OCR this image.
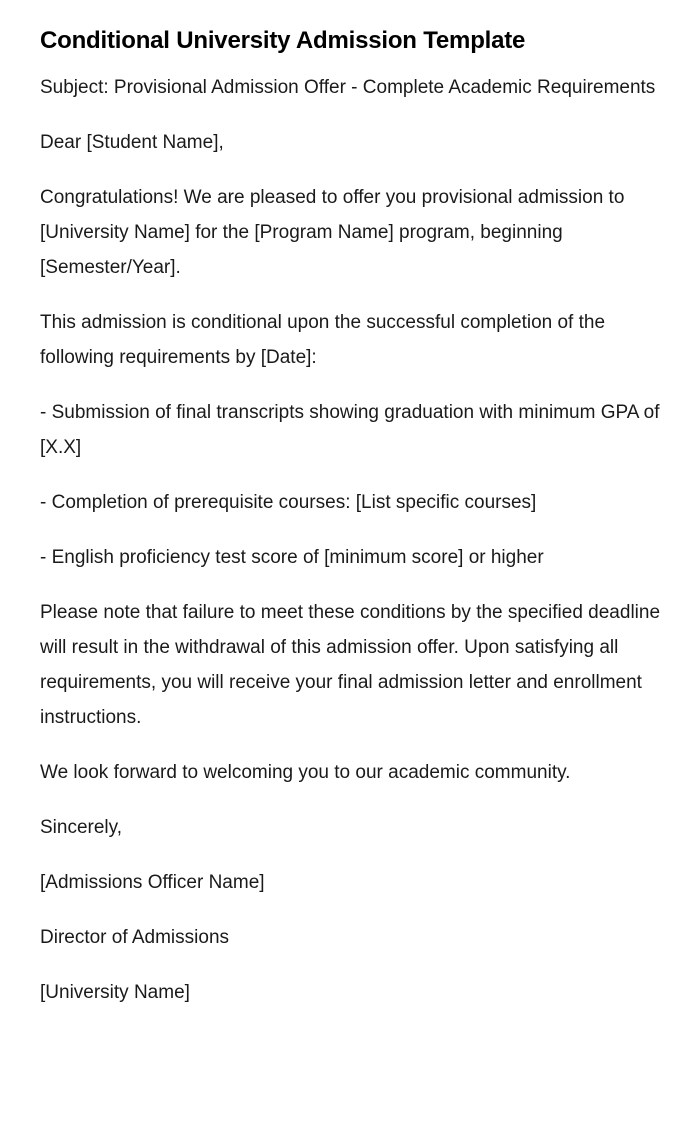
Conditional University Admission Template

Subject: Provisional Admission Offer - Complete Academic Requirements

Dear [Student Name],

Congratulations! We are pleased to offer you provisional admission to [University Name] for the [Program Name] program, beginning [Semester/Year].

This admission is conditional upon the successful completion of the following requirements by [Date]:

- Submission of final transcripts showing graduation with minimum GPA of [X.X]

- Completion of prerequisite courses: [List specific courses]

- English proficiency test score of [minimum score] or higher

Please note that failure to meet these conditions by the specified deadline will result in the withdrawal of this admission offer. Upon satisfying all requirements, you will receive your final admission letter and enrollment instructions.

We look forward to welcoming you to our academic community.

Sincerely,

[Admissions Officer Name]

Director of Admissions

[University Name]
